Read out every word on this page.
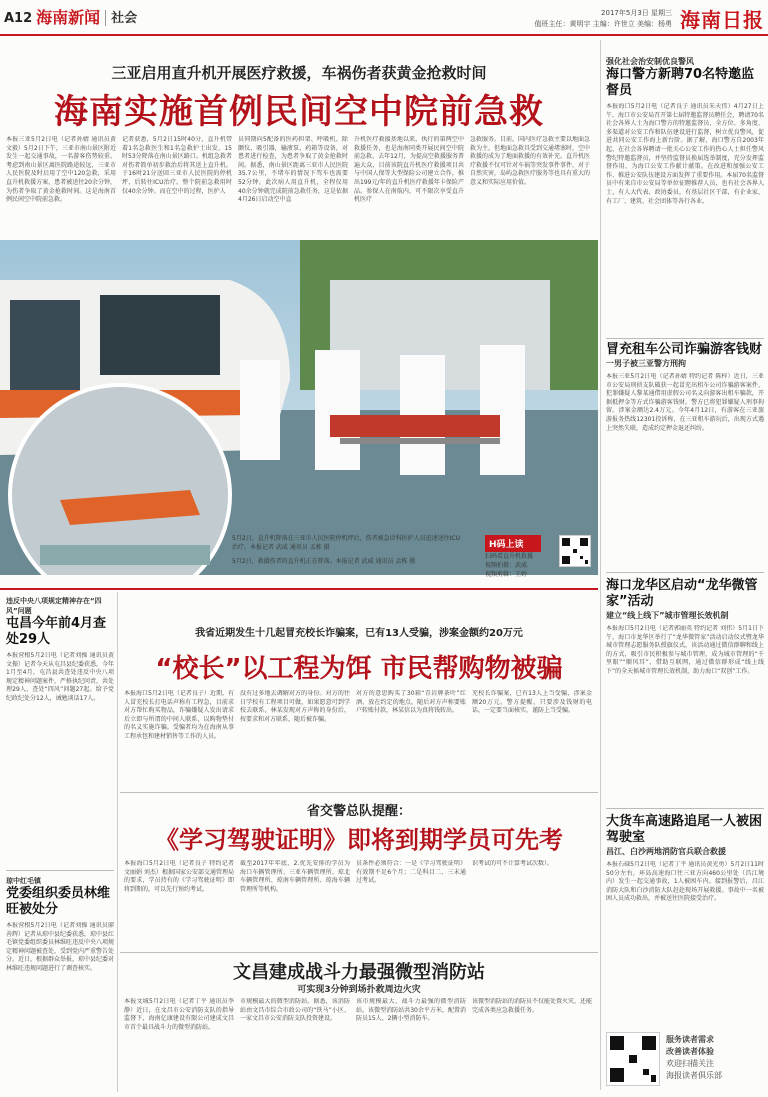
A12 海南新闻 社会	2017年5月3日 星期三
值班主任：黄明宇 主编：许世立 美编：杨勇 海南日报
三亚启用直升机开展医疗救援，车祸伤者获黄金抢救时间
海南实施首例民间空中院前急救
本报三亚5月2日电（记者孙婧 通讯员黄文毅）5月2日下午，三亚市南山景区附近发生一起交通事故，一名游客伤势较重。考虑到南山景区离医院路途较远，三亚市人民医院及时启用了空中120急救，采用直升机救援方案，患者被送往20余分钟，为伤者争取了黄金抢救时间。这是海南首例民间空中院前急救。
记者获悉，5月2日15时40分，直升机带着1名急救医生和1名急救护士出发，15时53分降落在南山景区路口。机组急救者对伤者简单初步救治后将其送上直升机。于16时21分送回三亚市人民医院的停机坪，后转往ICU治疗。整个院前急救用时仅40余分钟。而在空中的过程，医护人
员同期向5配备的医药担架、呼吸机、除颤仪，吸引器，输液泵，药箱等设备，对患者进行检查，为患者争取了黄金抢救时间。据悉，南山景区距离三亚市人民医院35.7公里，不堵车的情况下驾车也需要52分钟，此次病人用直升机，全程仅用40余分钟就完成院前急救任务，这是依据4月26日启动空中直
升机医疗救援基地以来，执行的第两空中救援任务，也是海南同类开展民间空中院前急救。去年12月，为提高空救援服务普遍大众，目前该院直升机医疗救援项目共与中国人保等大型保险公司建立合作，推出199元/年的直升机医疗救援年卡保险产品。参保人在南航内，可不限次享受直升机医疗
急救服务。目前，国内医疗急救主要以地面急救为主，但地面急救具受到交通堵塞时，空中救援的成为了地面救援的有效补充。直升机医疗救援不仅可针对车祸等突发事件事件，对于自然灾害，岛屿急救医疗服务等也具有重大的意义和实际应用价值。
5月2日，直升机降落在三亚市人民医院停机坪后，伤者被急诊科医护人员迅速送往ICU治疗。本报记者 武威 通讯员 孟栋 摄
5月2日，救援伤者的直升机正在降落。本报记者 武威 通讯员 孟栋 摄
H码上读
扫码看直升机救援
视频拍摄：武威
视频剪辑：王婷
强化社会治安制优良警风
海口警方新聘70名特邀监督员
本报海口5月2日电（记者良子 通讯员朱天伟）4月27日上午，海口市公安局召开第七届特邀监督员聘任会，聘请70名社会各界人士为海口警方的特邀监督员，全方位、多角度、多渠道对公安工作和队伍建设进行监督，树立优良警风，促进共同公安工作海上新台阶。据了解，海口警方自2003年起，在社会各界聘请一批关心公安工作的热心人士担任警风警纪特邀监督员，并坚持监督员换届选举制度，充分发挥监督作用，为海口公安工作献计献策。在改进和加强公安工作、推进公安队伍建设方面发挥了重要作用。本届70名监督员中有来自市公安局等单位征聘推荐人员，也有社会各界人士，有人大代表、政协委员，有基层社区干部，有企业家，有工厂、建筑、社会团体等各行各业。
冒充租车公司诈骗游客钱财
一男子被三亚警方刑拘
本报三亚5月2日电（记者孙婧 特约记者 陈梓）近日，三亚市公安局刑侦支队破获一起冒充出租车公司诈骗游客案件，犯罪嫌疑人黎某通借用虚假公司名义向游客出租车骗款，开据抵押金等方式诈骗游客钱财。警方已将犯罪嫌疑人刑事拘留。涉案金额达2.4万元。今年4月12日，有游客在三亚旅游报务热线12301投诉称，在三亚租车游玩后，出现方式遇上突然失联，造成约定押金退还纠纷。
海口龙华区启动“龙华微管家”活动
建立“线上线下”城市管理长效机制
本报海口5月2日电（记者郭丽英 特约记者 刘伟）5月1日下午，海口市龙华区举行了“龙华微管家”活动启动仪式暨龙华城市管理志愿服务队授旗仪式。该活动通过微信群聊和线上的方式，吸引市民积极参与城市管理，成为城市管理的“千里眼”“顺风耳”，借助互联网，通过微信群形成“线上线下”的全天候城市管理长效机制，助力海口“双创”工作。
大货车高速路追尾一人被困驾驶室
昌江、白沙两地消防官兵联合救援
本报石碌5月2日电（记者丁平 通讯员黄光勇）5月2日11时50分左右，环岛高速海口往三亚方向460公里处（昌江境内）发生一起交通事故，1人被困车内。接到报警后，昌江消防大队和白沙消防大队赶赴现场开展救援。事故中一名被困人员成功救出，并被送往医院接受治疗。
服务读者需求
改善读者体验
欢迎扫描关注
海报读者俱乐部
违反中央八项规定精神存在“四风”问题
屯昌今年前4月查处29人
本报营根5月2日电（记者刘操 通讯员黄文振）记者今天从屯昌县纪委获悉，今年1月至4月，屯昌县共查处违反中央八项规定精神问题案件，严格执纪问责，共处理29人，查处“四风”问题27起。给予党纪政纪处分12人，诫勉谈话17人。
琼中红毛镇
党委组织委员林维旺被处分
本报营根5月2日电（记者刘操 通讯员廖善辉）记者从琼中县纪委获悉，琼中县红毛镇党委组织委员林维旺违反中央八项规定精神问题被查处，受到党内严重警告处分。近日，根据群众举报，琼中县纪委对林维旺违规问题进行了调查核实。
我省近期发生十几起冒充校长诈骗案，已有13人受骗，涉案金额约20万元
“校长”以工程为饵 市民帮购物被骗
本报海口5月2日电（记者良子）近期，有人冒充校长打电话声称有工程急，目前求对方帮忙购买物品，诈骗嫌疑人发出请求后立即与所谓的中间人联系，以购物垫付的名义实施诈骗。受骗者均为在海南从事工程承包和建材销售等工作的人员。
没有过多地去调解对方的身份。对方的往日学校有工程项目可做，如果愿意可到学校去联系。林某发现对方声称的身份后，按要求和对方联系，随后被诈骗。
对方的意思购买了30箱“青岩牌茶叶”红酒，放在约定的地点，随后对方声称要账户转账付款，林某信以为真将钱转出。
充校长诈骗案，已有13人上当受骗，涉案金额20万元。警方提醒，只要涉及钱财的电话，一定要当面核实，谨防上当受骗。
省交警总队提醒：
《学习驾驶证明》即将到期学员可先考
本报海口5月2日电（记者良子 特约记者文丽娟 刘杰）根据国家公安部交通管理局的要求，学员持有的《学习驾驶证明》即将到期的，可以先行预约考试。
截至2017年年底，2.优先安排的学员为海口车辆管理所、三亚车辆管理所、琼北车辆管理所、琼南车辆管理所、琼海车辆管理所等机构。
员条件必须符合：一是《学习驾驶证明》有效期不足6个月；二是科目二、三未通过考试。
识考试的可不计算考试次数）。
文昌建成战斗力最强微型消防站
可实现3分钟到场扑救周边火灾
本报文城5月2日电（记者丁平 通讯员李静）近日，在文昌市公安消防支队的指导监督下，海南亿康建设有限公司建成文昌市首个最具战斗力的微型消防站。
市规模最大的微型消防站。据悉，该消防站由文昌市综合市政公司的“铁马”小区、一家文昌市公安消防支队投资建设。
该市规模最大、战斗力最强的微型消防站。该微型消防站共30余平方米，配置消防员15人、2辆小型消防车。
该微型消防站的消防员不仅能处置火灾，还能完成各类应急救援任务。
